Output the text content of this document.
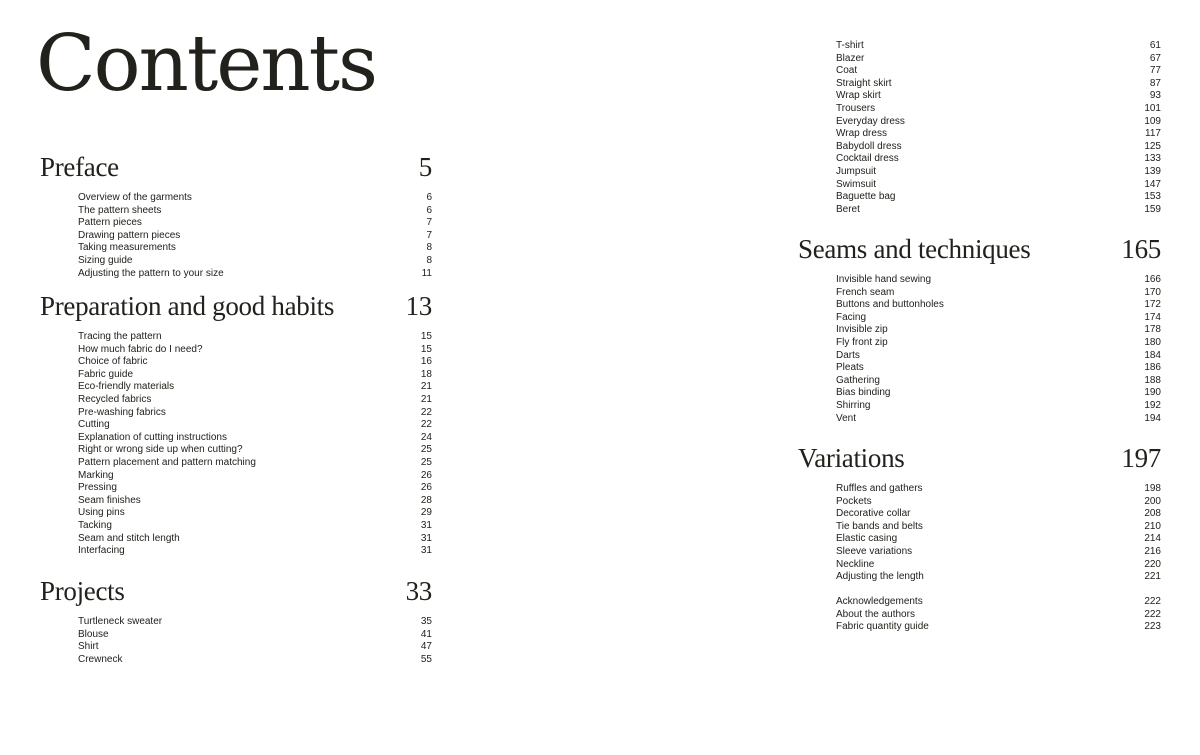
Contents
Preface	5
Overview of the garments	6
The pattern sheets	6
Pattern pieces	7
Drawing pattern pieces	7
Taking measurements	8
Sizing guide	8
Adjusting the pattern to your size	11
Preparation and good habits	13
Tracing the pattern	15
How much fabric do I need?	15
Choice of fabric	16
Fabric guide	18
Eco-friendly materials	21
Recycled fabrics	21
Pre-washing fabrics	22
Cutting	22
Explanation of cutting instructions	24
Right or wrong side up when cutting?	25
Pattern placement and pattern matching	25
Marking	26
Pressing	26
Seam finishes	28
Using pins	29
Tacking	31
Seam and stitch length	31
Interfacing	31
Projects	33
Turtleneck sweater	35
Blouse	41
Shirt	47
Crewneck	55
T-shirt	61
Blazer	67
Coat	77
Straight skirt	87
Wrap skirt	93
Trousers	101
Everyday dress	109
Wrap dress	117
Babydoll dress	125
Cocktail dress	133
Jumpsuit	139
Swimsuit	147
Baguette bag	153
Beret	159
Seams and techniques	165
Invisible hand sewing	166
French seam	170
Buttons and buttonholes	172
Facing	174
Invisible zip	178
Fly front zip	180
Darts	184
Pleats	186
Gathering	188
Bias binding	190
Shirring	192
Vent	194
Variations	197
Ruffles and gathers	198
Pockets	200
Decorative collar	208
Tie bands and belts	210
Elastic casing	214
Sleeve variations	216
Neckline	220
Adjusting the length	221
Acknowledgements	222
About the authors	222
Fabric quantity guide	223
